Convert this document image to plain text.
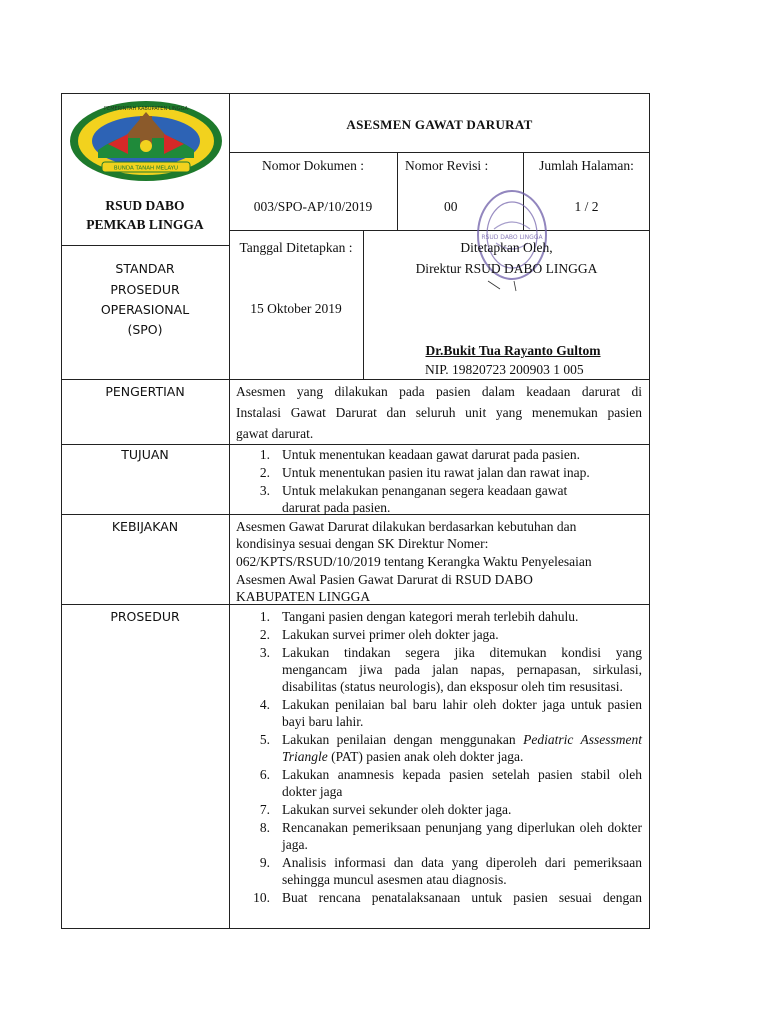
BUNDA TANAH MELAYU
PEMERINTAH KABUPATEN LINGGA
RSUD DABO
PEMKAB LINGGA
ASESMEN GAWAT DARURAT
Nomor Dokumen :
003/SPO-AP/10/2019
Nomor Revisi :
00
Jumlah Halaman:
1 / 2
RSUD DABO LINGGA
STANDAR
PROSEDUR
OPERASIONAL
(SPO)
Tanggal Ditetapkan :
15 Oktober 2019
Ditetapkan Oleh,
Direktur RSUD DABO LINGGA
Dr.Bukit Tua Rayanto Gultom
NIP. 19820723 200903 1 005
PENGERTIAN	Asesmen yang dilakukan pada pasien dalam keadaan darurat di
Instalasi Gawat Darurat dan seluruh unit yang menemukan pasien
gawat darurat.
TUJUAN	1. Untuk menentukan keadaan gawat darurat pada pasien.
2. Untuk menentukan pasien itu rawat jalan dan rawat inap.
3. Untuk melakukan penanganan segera keadaan gawat darurat pada pasien.
KEBIJAKAN	Asesmen Gawat Darurat dilakukan berdasarkan kebutuhan dan
kondisinya sesuai dengan SK Direktur Nomer:
062/KPTS/RSUD/10/2019 tentang Kerangka Waktu Penyelesaian
Asesmen Awal Pasien Gawat Darurat di RSUD DABO
KABUPATEN LINGGA
PROSEDUR	1. Tangani pasien dengan kategori merah terlebih dahulu.
2. Lakukan survei primer oleh dokter jaga.
3. Lakukan tindakan segera jika ditemukan kondisi yang mengancam jiwa pada jalan napas, pernapasan, sirkulasi, disabilitas (status neurologis), dan eksposur oleh tim resusitasi.
4. Lakukan penilaian bal baru lahir oleh dokter jaga untuk pasien bayi baru lahir.
5. Lakukan penilaian dengan menggunakan Pediatric Assessment Triangle (PAT) pasien anak oleh dokter jaga.
6. Lakukan anamnesis kepada pasien setelah pasien stabil oleh dokter jaga
7. Lakukan survei sekunder oleh dokter jaga.
8. Rencanakan pemeriksaan penunjang yang diperlukan oleh dokter jaga.
9. Analisis informasi dan data yang diperoleh dari pemeriksaan sehingga muncul asesmen atau diagnosis.
10. Buat rencana penatalaksanaan untuk pasien sesuai dengan
